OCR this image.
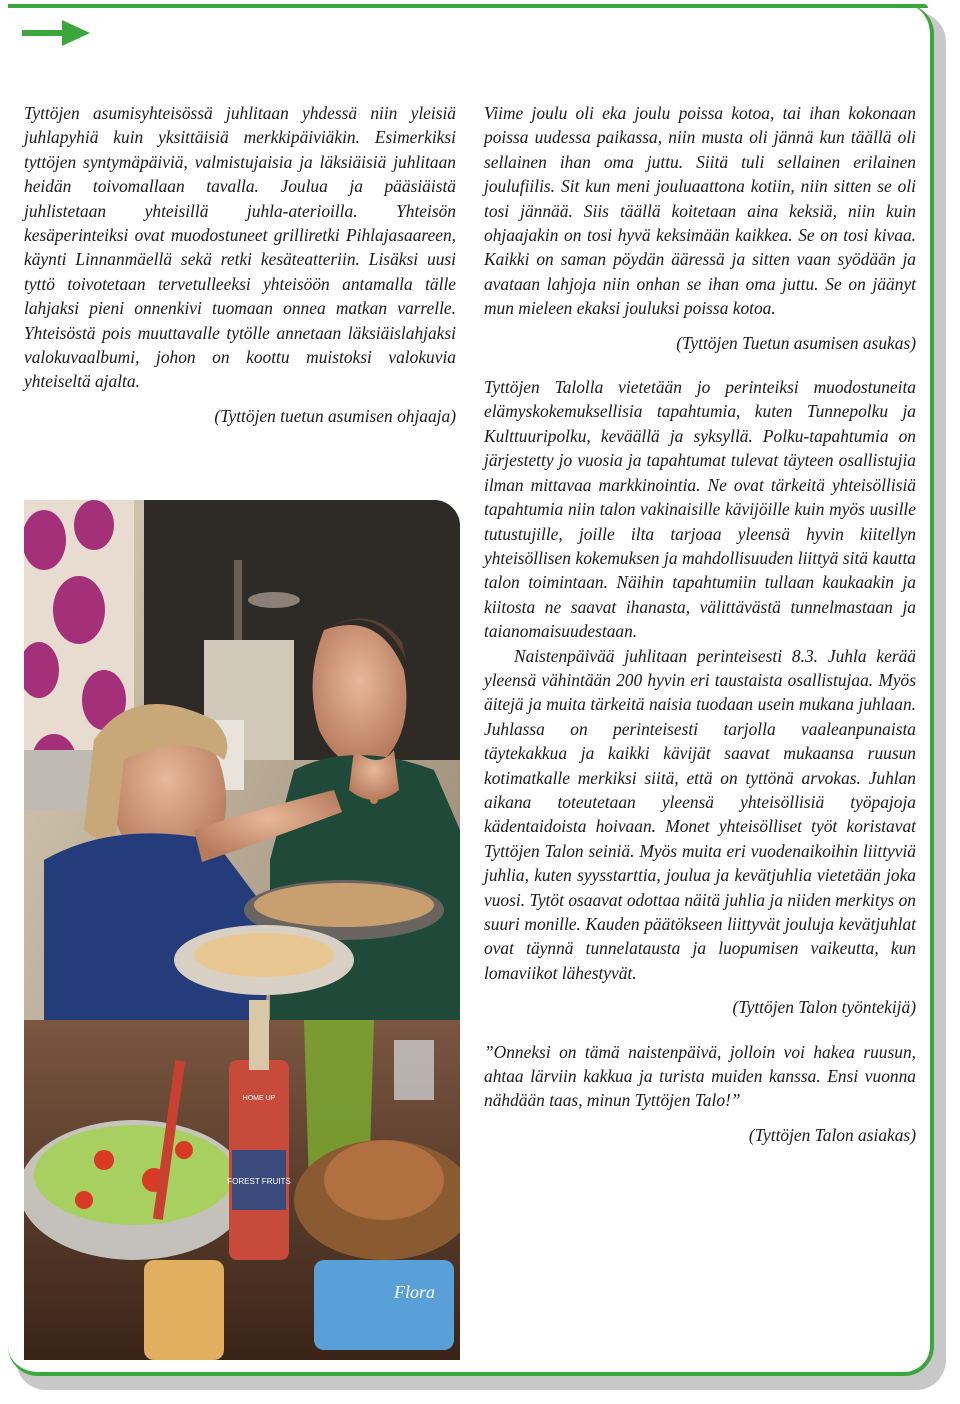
Tyttöjen asumisyhteisössä juhlitaan yhdessä niin yleisiä juhlapyhiä kuin yksittäisiä merkkipäiviäkin. Esimerkiksi tyttöjen syntymäpäiviä, valmistujaisia ja läksiäisiä juhlitaan heidän toivomallaan tavalla. Joulua ja pääsiäistä juhlistetaan yhteisillä juhla-aterioilla. Yhteisön kesäperinteiksi ovat muodostuneet grilliretki Pihlajasaareen, käynti Linnanmäellä sekä retki kesäteatteriin. Lisäksi uusi tyttö toivotetaan tervetulleeksi yhteisöön antamalla tälle lahjaksi pieni onnenkivi tuomaan onnea matkan varrelle. Yhteisöstä pois muuttavalle tytölle annetaan läksiäislahjaksi valokuvaalbumi, johon on koottu muistoksi valokuvia yhteiseltä ajalta.

(Tyttöjen tuetun asumisen ohjaaja)

Viime joulu oli eka joulu poissa kotoa, tai ihan kokonaan poissa uudessa paikassa, niin musta oli jännä kun täällä oli sellainen ihan oma juttu. Siitä tuli sellainen erilainen joulufiilis. Sit kun meni jouluaattona kotiin, niin sitten se oli tosi jännää. Siis täällä koitetaan aina keksiä, niin kuin ohjaajakin on tosi hyvä keksimään kaikkea. Se on tosi kivaa. Kaikki on saman pöydän ääressä ja sitten vaan syödään ja avataan lahjoja niin onhan se ihan oma juttu. Se on jäänyt mun mieleen ekaksi jouluksi poissa kotoa.

(Tyttöjen Tuetun asumisen asukas)

Tyttöjen Talolla vietetään jo perinteiksi muodostuneita elämyskokemuksellisia tapahtumia, kuten Tunnepolku ja Kulttuuripolku, keväällä ja syksyllä. Polku-tapahtumia on järjestetty jo vuosia ja tapahtumat tulevat täyteen osallistujia ilman mittavaa markkinointia. Ne ovat tärkeitä yhteisöllisiä tapahtumia niin talon vakinaisille kävijöille kuin myös uusille tutustujille, joille ilta tarjoaa yleensä hyvin kiitellyn yhteisöllisen kokemuksen ja mahdollisuuden liittyä sitä kautta talon toimintaan. Näihin tapahtumiin tullaan kaukaakin ja kiitosta ne saavat ihanasta, välittävästä tunnelmastaan ja taianomaisuudestaan.

Naistenpäivää juhlitaan perinteisesti 8.3. Juhla kerää yleensä vähintään 200 hyvin eri taustaista osallistujaa. Myös äitejä ja muita tärkeitä naisia tuodaan usein mukana juhlaan. Juhlassa on perinteisesti tarjolla vaaleanpunaista täytekakkua ja kaikki kävijät saavat mukaansa ruusun kotimatkalle merkiksi siitä, että on tyttönä arvokas. Juhlan aikana toteutetaan yleensä yhteisöllisiä työpajoja kädentaidoista hoivaan. Monet yhteisölliset työt koristavat Tyttöjen Talon seiniä. Myös muita eri vuodenaikoihin liittyviä juhlia, kuten syysstarttia, joulua ja kevätjuhlia vietetään joka vuosi. Tytöt osaavat odottaa näitä juhlia ja niiden merkitys on suuri monille. Kauden päätökseen liittyvät jouluja kevätjuhlat ovat täynnä tunnelatausta ja luopumisen vaikeutta, kun lomaviikot lähestyvät.

(Tyttöjen Talon työntekijä)

”Onneksi on tämä naistenpäivä, jolloin voi hakea ruusun, ahtaa lärviin kakkua ja turista muiden kanssa. Ensi vuonna nähdään taas, minun Tyttöjen Talo!”

(Tyttöjen Talon asiakas)

FOREST FRUITS
HOME UP
Flora
